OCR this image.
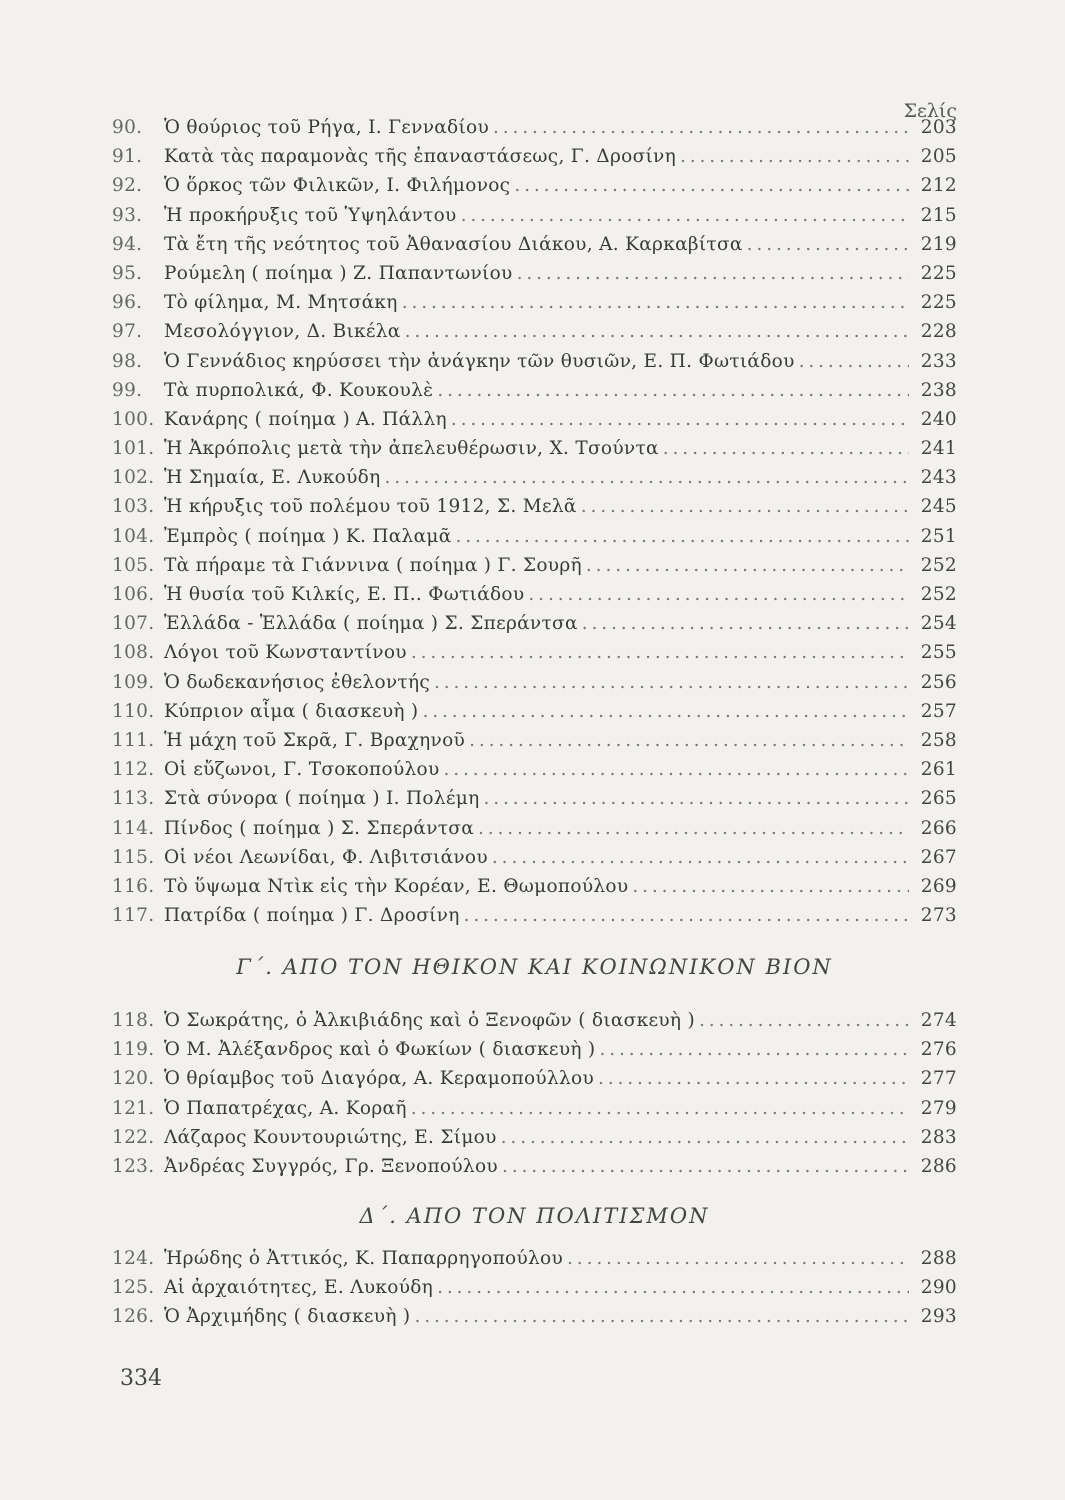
Σελίς
90.	Ὁ θούριος τοῦ Ρήγα, Ι. Γενναδίου . . .	203
91.	Κατὰ τὰς παραμονὰς τῆς ἐπαναστάσεως, Γ. Δροσίνη . . .	205
92.	Ὁ ὅρκος τῶν Φιλικῶν, Ι. Φιλήμονος . . .	212
93.	Ἡ προκήρυξις τοῦ Ὑψηλάντου . . .	215
94.	Τὰ ἔτη τῆς νεότητος τοῦ Ἀθανασίου Διάκου, Α. Καρκαβίτσα . . .	219
95.	Ρούμελη ( ποίημα ) Ζ. Παπαντωνίου . . .	225
96.	Τὸ φίλημα, Μ. Μητσάκη . . .	225
97.	Μεσολόγγιον, Δ. Βικέλα . . .	228
98.	Ὁ Γεννάδιος κηρύσσει τὴν ἀνάγκην τῶν θυσιῶν, Ε. Π. Φωτιάδου . . .	233
99.	Τὰ πυρπολικά, Φ. Κουκουλὲ . . .	238
100. Κανάρης ( ποίημα ) Α. Πάλλη . . .	240
101. Ἡ Ἀκρόπολις μετὰ τὴν ἀπελευθέρωσιν, Χ. Τσούντα . . .	241
102. Ἡ Σημαία, Ε. Λυκούδη . . .	243
103. Ἡ κήρυξις τοῦ πολέμου τοῦ 1912, Σ. Μελᾶ . . .	245
104. Ἐμπρὸς ( ποίημα ) Κ. Παλαμᾶ . . .	251
105. Τὰ πήραμε τὰ Γιάννινα ( ποίημα ) Γ. Σουρῆ . . .	252
106. Ἡ θυσία τοῦ Κιλκίς, Ε. Π.. Φωτιάδου . . .	252
107. Ἑλλάδα - Ἑλλάδα ( ποίημα ) Σ. Σπεράντσα . . .	254
108. Λόγοι τοῦ Κωνσταντίνου . . .	255
109. Ὁ δωδεκανήσιος ἐθελοντής . . .	256
110. Κύπριον αἷμα ( διασκευὴ ) . . .	257
111. Ἡ μάχη τοῦ Σκρᾶ, Γ. Βραχηνοῦ . . .	258
112. Οἱ εὔζωνοι, Γ. Τσοκοπούλου . . .	261
113. Στὰ σύνορα ( ποίημα ) Ι. Πολέμη . . .	265
114. Πίνδος ( ποίημα ) Σ. Σπεράντσα . . .	266
115. Οἱ νέοι Λεωνίδαι, Φ. Λιβιτσιάνου . . .	267
116. Τὸ ὕψωμα Ντὶκ εἰς τὴν Κορέαν, Ε. Θωμοπούλου . . .	269
117. Πατρίδα ( ποίημα ) Γ. Δροσίνη . . .	273
Γ΄. ΑΠΟ ΤΟΝ ΗΘΙΚΟΝ ΚΑΙ ΚΟΙΝΩΝΙΚΟΝ ΒΙΟΝ
118. Ὁ Σωκράτης, ὁ Ἀλκιβιάδης καὶ ὁ Ξενοφῶν ( διασκευὴ ) . . .	274
119. Ὁ Μ. Ἀλέξανδρος καὶ ὁ Φωκίων ( διασκευὴ ) . . .	276
120. Ὁ θρίαμβος τοῦ Διαγόρα, Α. Κεραμοπούλλου . . .	277
121. Ὁ Παπατρέχας, Α. Κοραῆ . . .	279
122. Λάζαρος Κουντουριώτης, Ε. Σίμου . . .	283
123. Ἀνδρέας Συγγρός, Γρ. Ξενοπούλου . . .	286
Δ΄. ΑΠΟ ΤΟΝ ΠΟΛΙΤΙΣΜΟΝ
124. Ἡρώδης ὁ Ἀττικός, Κ. Παπαρρηγοπούλου . . .	288
125. Αἱ ἀρχαιότητες, Ε. Λυκούδη . . .	290
126. Ὁ Ἀρχιμήδης ( διασκευὴ ) . . .	293
334
